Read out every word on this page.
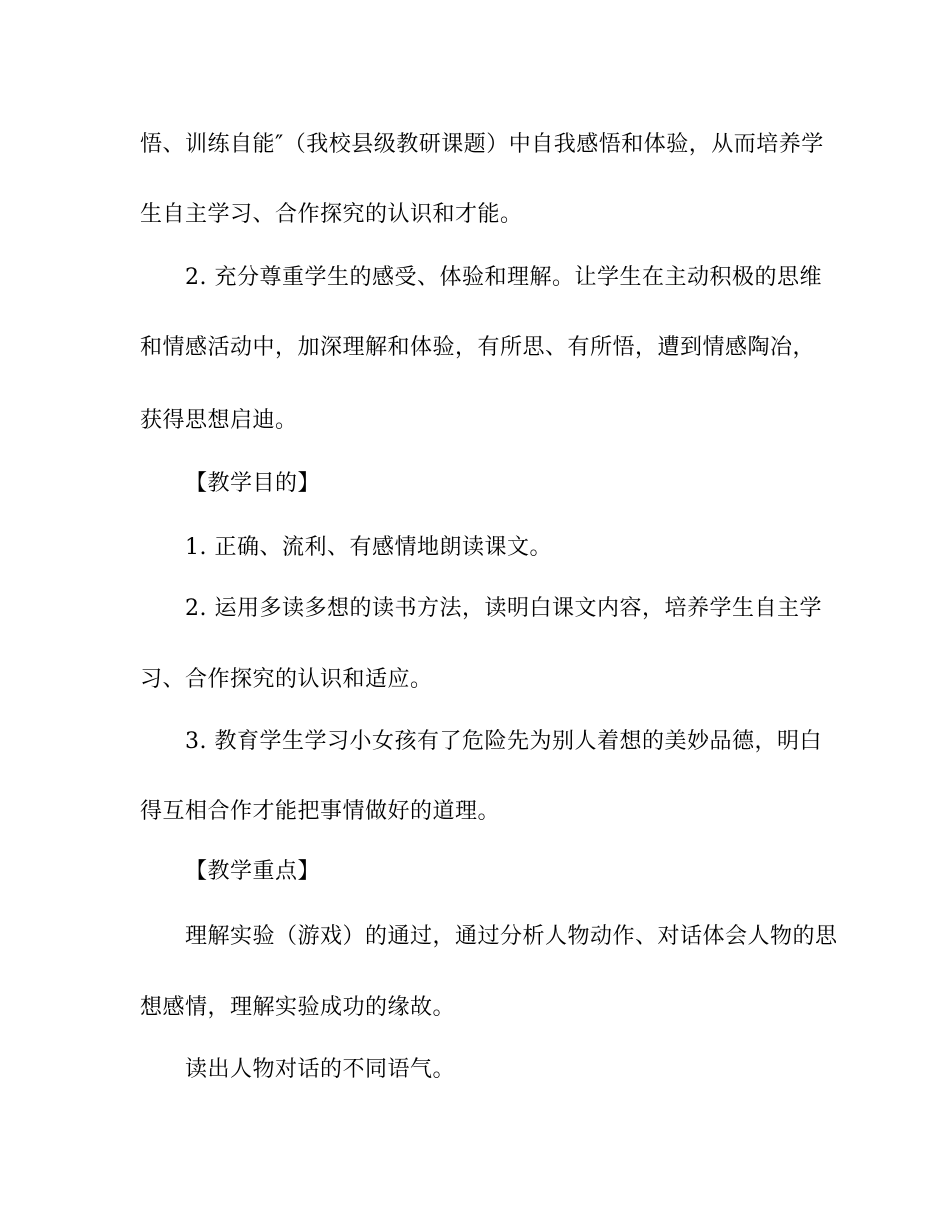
悟、训练自能″（我校县级教研课题）中自我感悟和体验，从而培养学
生自主学习、合作探究的认识和才能。
2. 充分尊重学生的感受、体验和理解。让学生在主动积极的思维
和情感活动中，加深理解和体验，有所思、有所悟，遭到情感陶冶，
获得思想启迪。
【教学目的】
1. 正确、流利、有感情地朗读课文。
2. 运用多读多想的读书方法，读明白课文内容，培养学生自主学
习、合作探究的认识和适应。
3. 教育学生学习小女孩有了危险先为别人着想的美妙品德，明白
得互相合作才能把事情做好的道理。
【教学重点】
理解实验（游戏）的通过，通过分析人物动作、对话体会人物的思
想感情，理解实验成功的缘故。
读出人物对话的不同语气。
